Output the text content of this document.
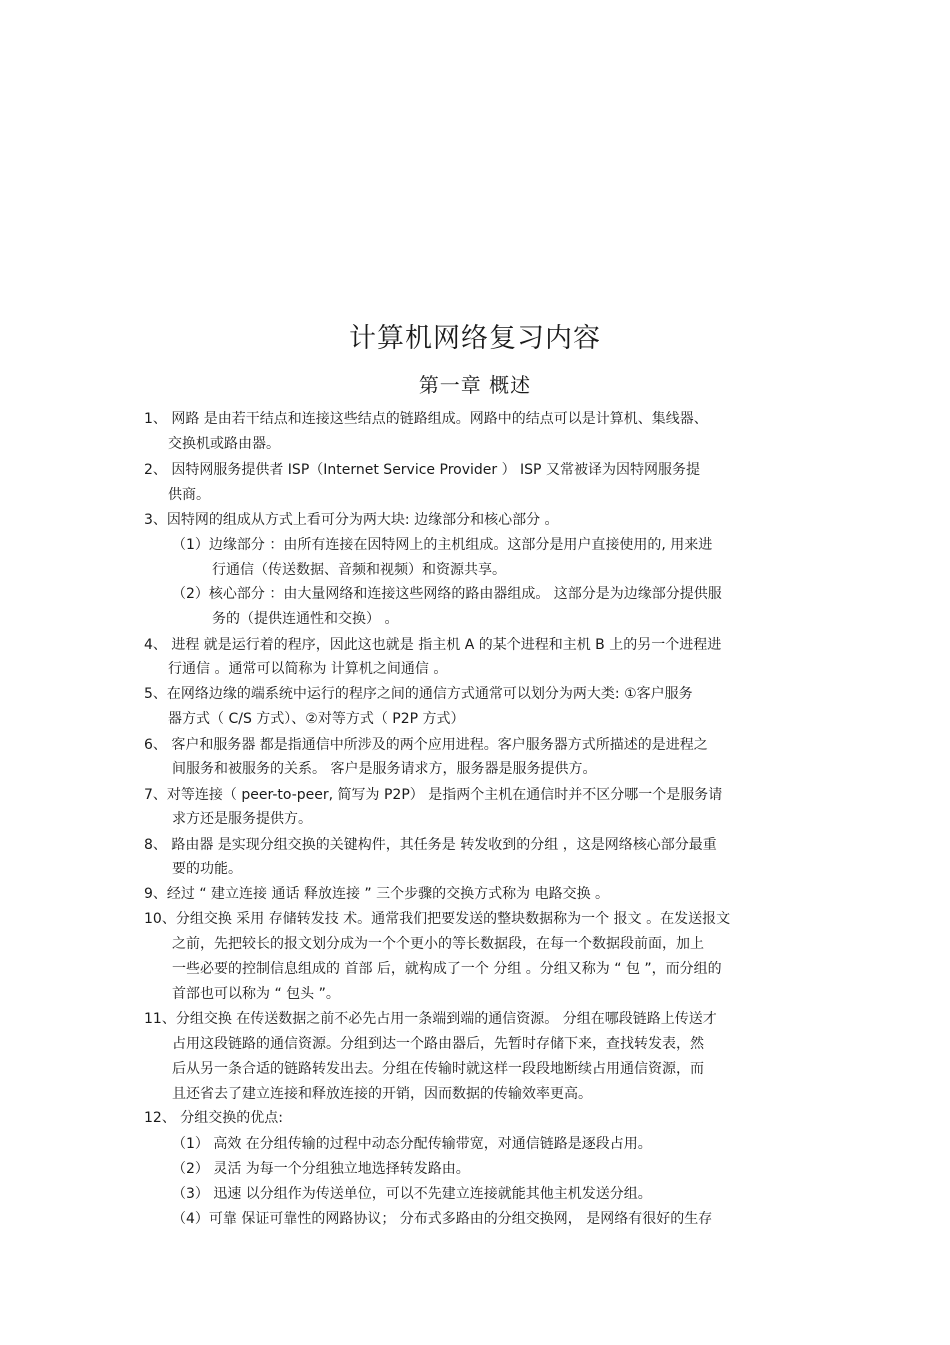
计算机网络复习内容
第一章 概述
1、 网路 是由若干结点和连接这些结点的链路组成。网路中的结点可以是计算机、集线器、
交换机或路由器。
2、 因特网服务提供者 ISP（Internet Service Provider ） ISP 又常被译为因特网服务提
供商。
3、因特网的组成从方式上看可分为两大块: 边缘部分和核心部分 。
（1）边缘部分 ：由所有连接在因特网上的主机组成。这部分是用户直接使用的, 用来进
行通信（传送数据、音频和视频）和资源共享。
（2）核心部分 ：由大量网络和连接这些网络的路由器组成。 这部分是为边缘部分提供服
务的（提供连通性和交换） 。
4、 进程 就是运行着的程序，因此这也就是 指主机 A 的某个进程和主机 B 上的另一个进程进
行通信 。通常可以简称为 计算机之间通信 。
5、在网络边缘的端系统中运行的程序之间的通信方式通常可以划分为两大类: ①客户服务
器方式（ C/S 方式）、②对等方式（ P2P 方式）
6、 客户和服务器 都是指通信中所涉及的两个应用进程。客户服务器方式所描述的是进程之
间服务和被服务的关系。 客户是服务请求方，服务器是服务提供方。
7、对等连接（ peer-to-peer, 简写为 P2P） 是指两个主机在通信时并不区分哪一个是服务请
求方还是服务提供方。
8、 路由器 是实现分组交换的关键构件，其任务是 转发收到的分组 ，这是网络核心部分最重
要的功能。
9、经过 “ 建立连接 通话 释放连接 ” 三个步骤的交换方式称为 电路交换 。
10、分组交换 采用 存储转发技 术。通常我们把要发送的整块数据称为一个 报文 。在发送报文
之前，先把较长的报文划分成为一个个更小的等长数据段，在每一个数据段前面，加上
一些必要的控制信息组成的 首部 后，就构成了一个 分组 。分组又称为 “ 包 ”，而分组的
首部也可以称为 “ 包头 ”。
11、分组交换 在传送数据之前不必先占用一条端到端的通信资源。 分组在哪段链路上传送才
占用这段链路的通信资源。分组到达一个路由器后，先暂时存储下来，查找转发表，然
后从另一条合适的链路转发出去。分组在传输时就这样一段段地断续占用通信资源，而
且还省去了建立连接和释放连接的开销，因而数据的传输效率更高。
12、 分组交换的优点:
（1） 高效 在分组传输的过程中动态分配传输带宽，对通信链路是逐段占用。
（2） 灵活 为每一个分组独立地选择转发路由。
（3） 迅速 以分组作为传送单位，可以不先建立连接就能其他主机发送分组。
（4）可靠 保证可靠性的网路协议； 分布式多路由的分组交换网， 是网络有很好的生存
